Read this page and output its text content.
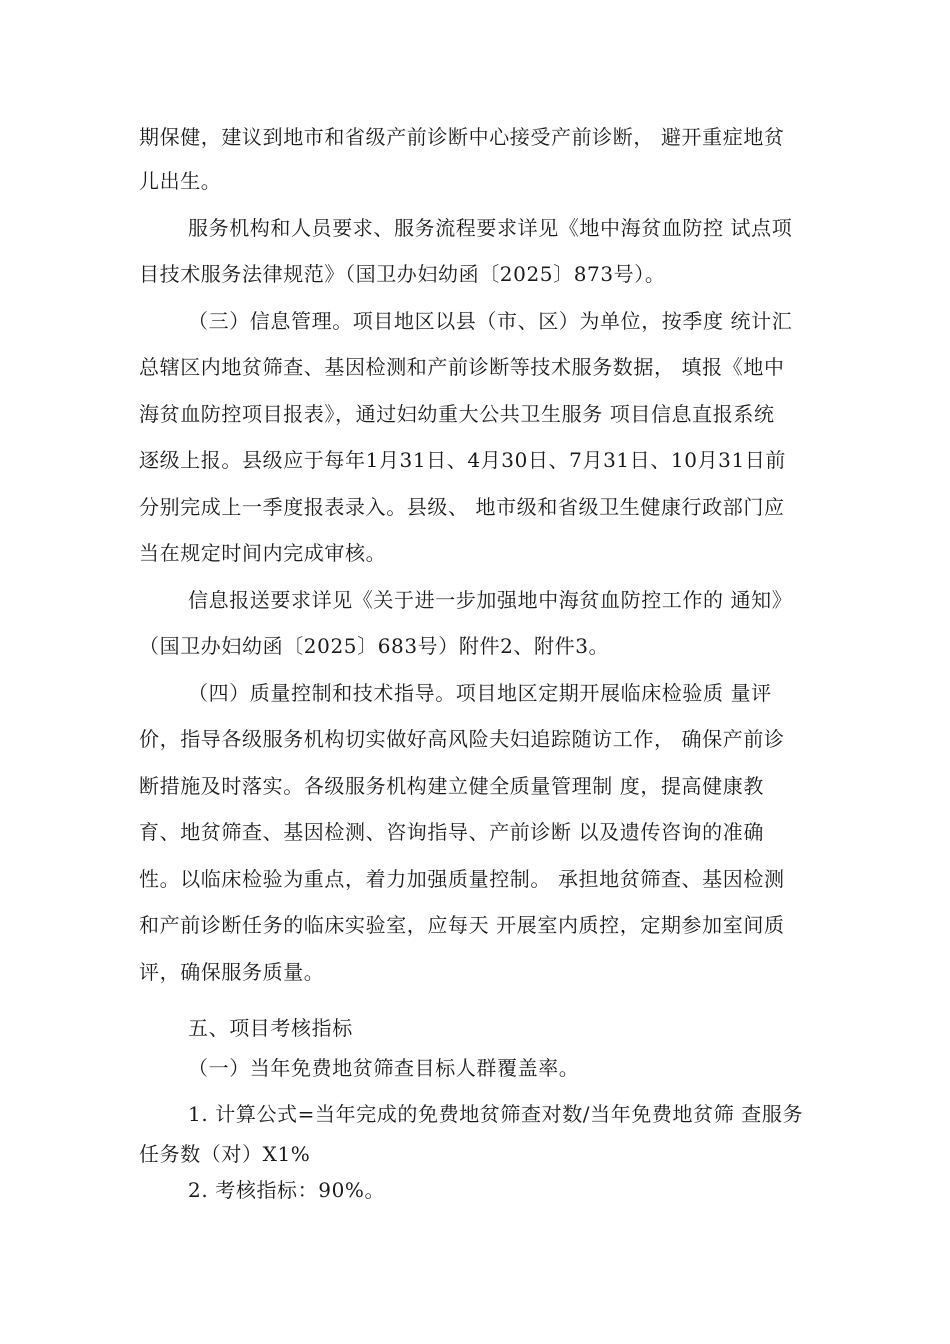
期保健，建议到地市和省级产前诊断中心接受产前诊断， 避开重症地贫

儿出生。

服务机构和人员要求、服务流程要求详见《地中海贫血防控 试点项

目技术服务法律规范》（国卫办妇幼函〔2025〕873号）。

（三）信息管理。项目地区以县（市、区）为单位，按季度 统计汇

总辖区内地贫筛查、基因检测和产前诊断等技术服务数据， 填报《地中

海贫血防控项目报表》，通过妇幼重大公共卫生服务 项目信息直报系统

逐级上报。县级应于每年1月31日、4月30日、7月31日、10月31日前

分别完成上一季度报表录入。县级、 地市级和省级卫生健康行政部门应

当在规定时间内完成审核。

信息报送要求详见《关于进一步加强地中海贫血防控工作的 通知》

（国卫办妇幼函〔2025〕683号）附件2、附件3。

（四）质量控制和技术指导。项目地区定期开展临床检验质 量评

价，指导各级服务机构切实做好高风险夫妇追踪随访工作， 确保产前诊

断措施及时落实。各级服务机构建立健全质量管理制 度，提高健康教

育、地贫筛查、基因检测、咨询指导、产前诊断 以及遗传咨询的准确

性。以临床检验为重点，着力加强质量控制。 承担地贫筛查、基因检测

和产前诊断任务的临床实验室，应每天 开展室内质控，定期参加室间质

评，确保服务质量。

五、项目考核指标

（一）当年免费地贫筛查目标人群覆盖率。

1. 计算公式=当年完成的免费地贫筛查对数/当年免费地贫筛 查服务

任务数（对）X1%

2. 考核指标：90%。
